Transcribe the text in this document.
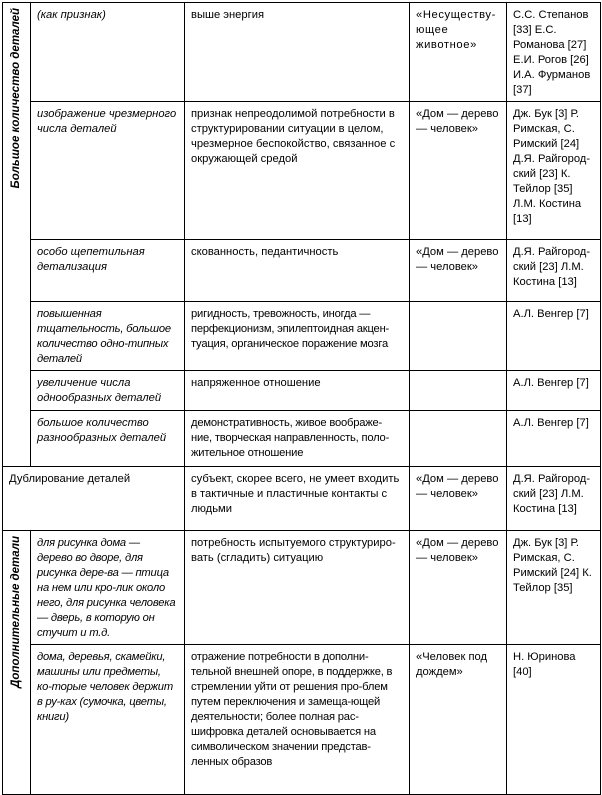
Большое количество деталей	(как признак)	выше энергия	«Несуществу-ющее животное»	С.С. Степанов [33] Е.С. Романова [27] Е.И. Рогов [26] И.А. Фурманов [37]
	изображение чрезмерного числа деталей	признак непреодолимой потребности в структурировании ситуации в целом, чрезмерное беспокойство, связанное с окружающей средой	«Дом — дерево — человек»	Дж. Бук [3] Р. Римская, С. Римский [24] Д.Я. Райгород-ский [23] К. Тейлор [35] Л.М. Костина [13]
	особо щепетильная детализация	скованность, педантичность	«Дом — дерево — человек»	Д.Я. Райгород-ский [23] Л.М. Костина [13]
	повышенная тщательность, большое количество одно-типных деталей	ригидность, тревожность, иногда — перфекционизм, эпилептоидная акцен-туация, органическое поражение мозга		А.Л. Венгер [7]
	увеличение числа однообразных деталей	напряженное отношение		А.Л. Венгер [7]
	большое количество разнообразных деталей	демонстративность, живое воображе-ние, творческая направленность, поло-жительное отношение		А.Л. Венгер [7]
Дублирование деталей		субъект, скорее всего, не умеет входить в тактичные и пластичные контакты с людьми	«Дом — дерево — человек»	Д.Я. Райгород-ский [23] Л.М. Костина [13]
Дополнительные детали	для рисунка дома — дерево во дворе, для рисунка дере-ва — птица на нем или кро-лик около него, для рисунка человека — дверь, в которую он стучит и т.д.	потребность испытуемого структуриро-вать (сгладить) ситуацию	«Дом — дерево — человек»	Дж. Бук [3] Р. Римская, С. Римский [24] К. Тейлор [35]
	дома, деревья, скамейки, машины или предметы, ко-торые человек держит в ру-ках (сумочка, цветы, книги)	отражение потребности в дополни-тельной внешней опоре, в поддержке, в стремлении уйти от решения про-блем путем переключения и замеща-ющей деятельности; более полная рас-шифровка деталей основывается на символическом значении представ-ленных образов	«Человек под дождем»	Н. Юринова [40]
